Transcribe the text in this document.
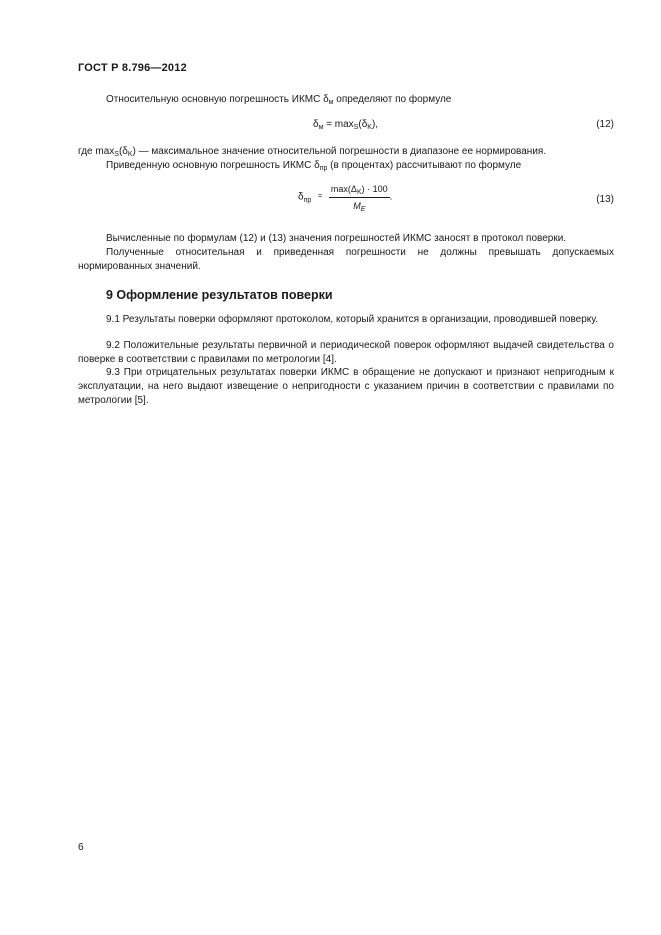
ГОСТ Р 8.796—2012
Относительную основную погрешность ИКМС $\delta_м$ определяют по формуле
$\delta_м = \max_S(\delta_K)$,	(12)
где $\max_S(\delta_K)$ — максимальное значение относительной погрешности в диапазоне ее нормирования.
Приведенную основную погрешность ИКМС $\delta_{пр}$ (в процентах) рассчитывают по формуле
$\delta_{пр}$ $^= \frac{\max(\Delta_K) \cdot 100}{M_E}$ .	(13)
Вычисленные по формулам (12) и (13) значения погрешностей ИКМС заносят в протокол поверки.
Полученные относительная и приведенная погрешности не должны превышать допускаемых нормированных значений.
9 Оформление результатов поверки
9.1 Результаты поверки оформляют протоколом, который хранится в организации, проводившей поверку.
9.2 Положительные результаты первичной и периодической поверок оформляют выдачей свидетельства о поверке в соответствии с правилами по метрологии [4].
9.3 При отрицательных результатах поверки ИКМС в обращение не допускают и признают непригодным к эксплуатации, на него выдают извещение о непригодности с указанием причин в соответствии с правилами по метрологии [5].
6
